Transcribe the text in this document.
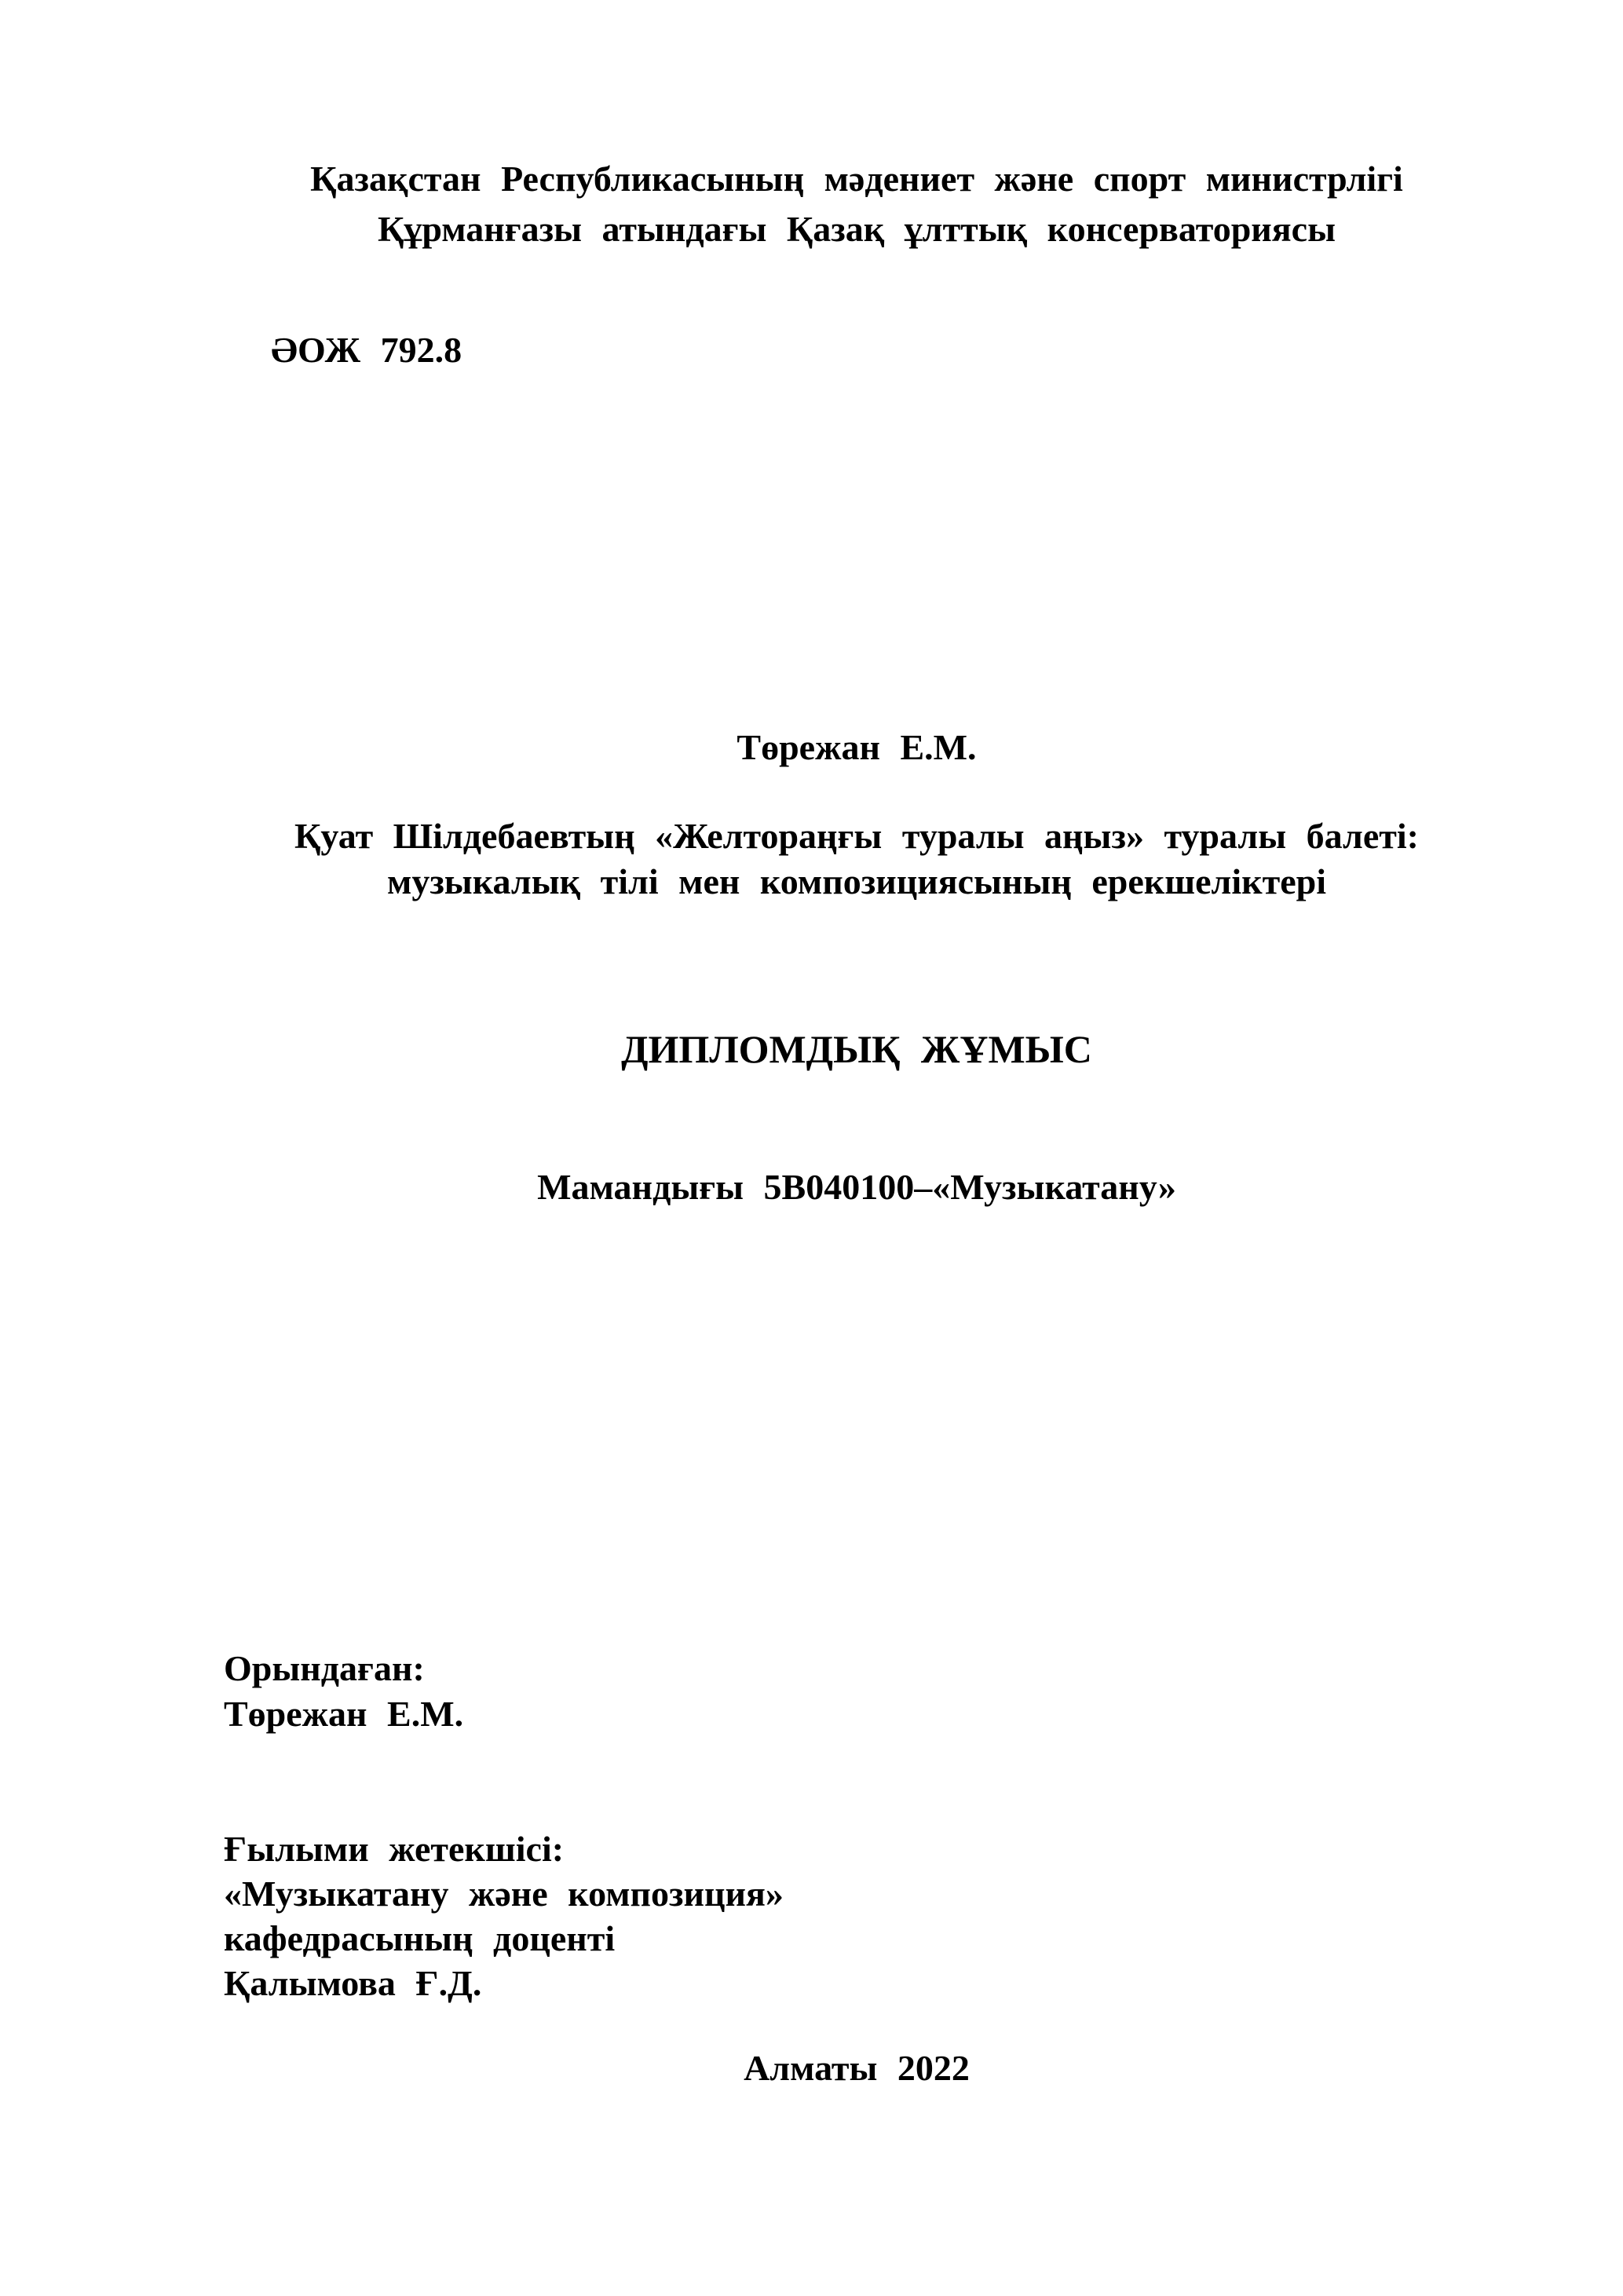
Қазақстан Республикасының мәдениет және спорт министрлігі
Құрманғазы атындағы Қазақ ұлттық консерваториясы
ӘОЖ 792.8
Төрежан Е.М.
Қуат Шілдебаевтың «Желтораңғы туралы аңыз» туралы балеті:
музыкалық тілі мен композициясының ерекшеліктері
ДИПЛОМДЫҚ ЖҰМЫС
Мамандығы 5В040100–«Музыкатану»
Орындаған:
Төрежан Е.М.
Ғылыми жетекшісі:
«Музыкатану және композиция»
кафедрасының доценті
Қалымова Ғ.Д.
Алматы 2022
